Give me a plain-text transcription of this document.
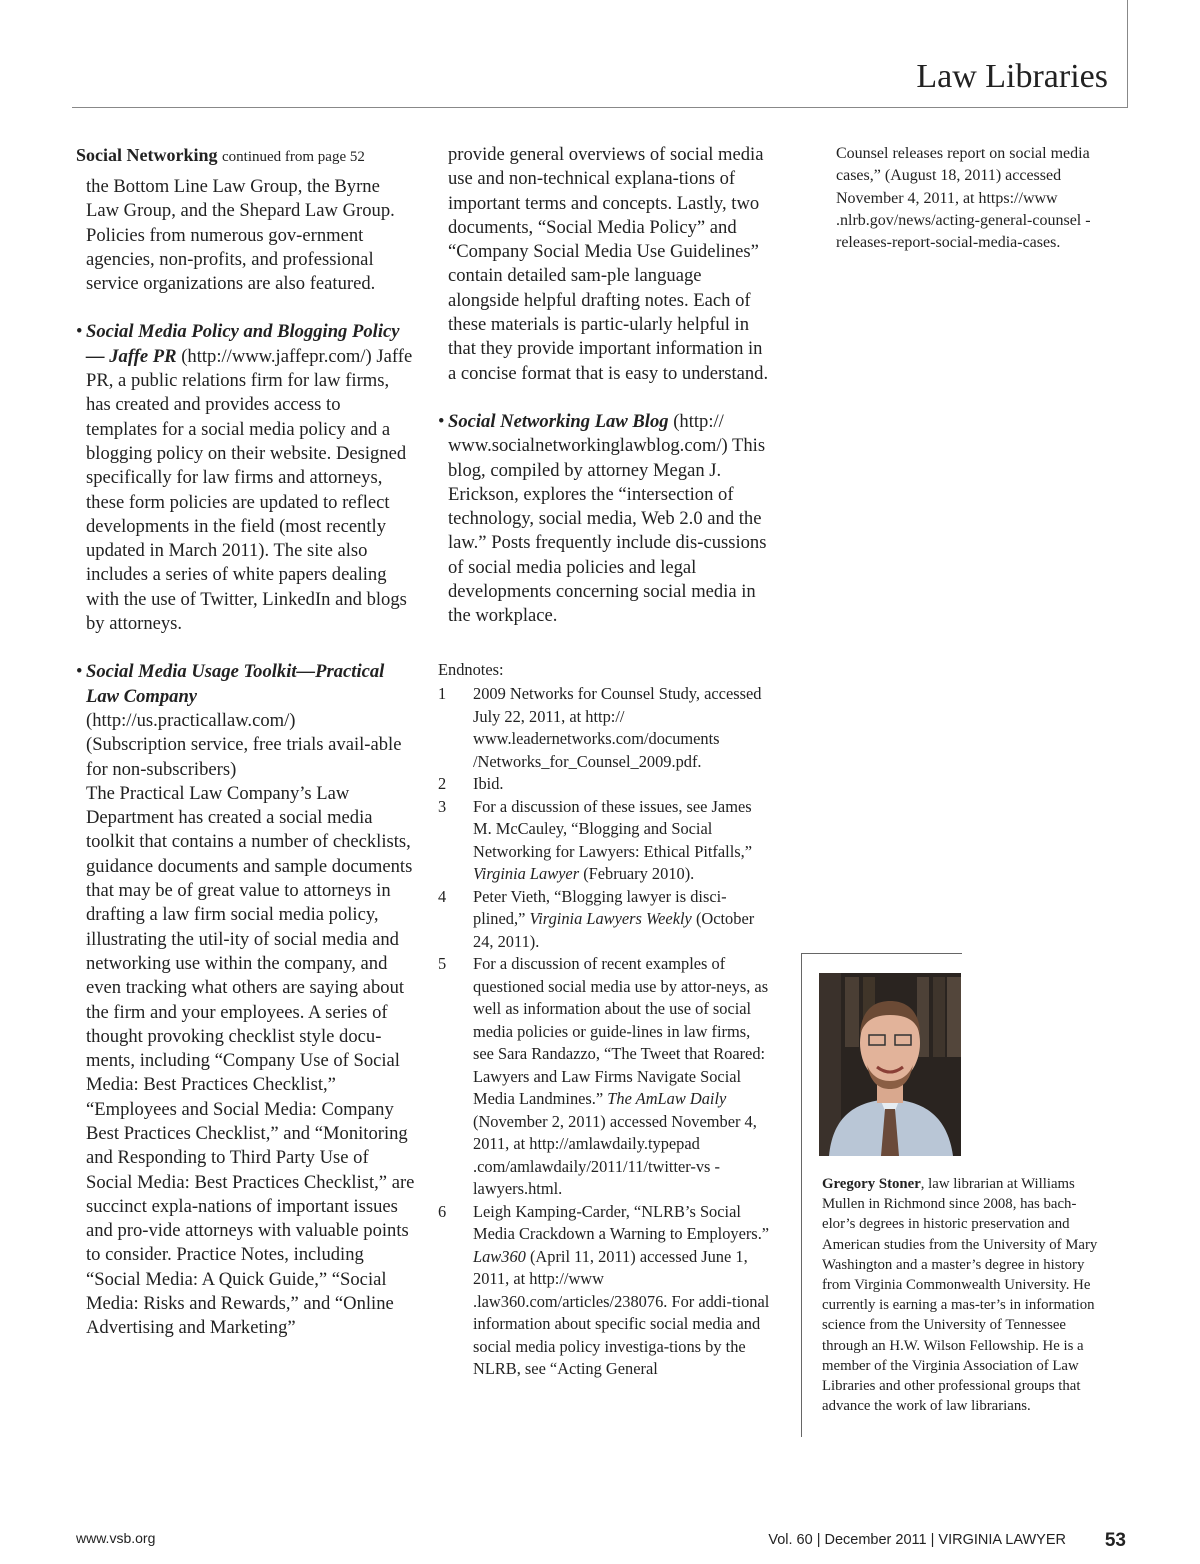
Law Libraries

Social Networking continued from page 52

the Bottom Line Law Group, the Byrne Law Group, and the Shepard Law Group. Policies from numerous gov-ernment agencies, non-profits, and professional service organizations are also featured.

• Social Media Policy and Blogging Policy — Jaffe PR (http://www.jaffepr.com/) Jaffe PR, a public relations firm for law firms, has created and provides access to templates for a social media policy and a blogging policy on their website. Designed specifically for law firms and attorneys, these form policies are updated to reflect developments in the field (most recently updated in March 2011). The site also includes a series of white papers dealing with the use of Twitter, LinkedIn and blogs by attorneys.
• Social Media Usage Toolkit—Practical Law Company
(http://us.practicallaw.com/)
(Subscription service, free trials avail-able for non-subscribers)
The Practical Law Company’s Law Department has created a social media toolkit that contains a number of checklists, guidance documents and sample documents that may be of great value to attorneys in drafting a law firm social media policy, illustrating the util-ity of social media and networking use within the company, and even tracking what others are saying about the firm and your employees. A series of thought provoking checklist style docu-ments, including “Company Use of Social Media: Best Practices Checklist,” “Employees and Social Media: Company Best Practices Checklist,” and “Monitoring and Responding to Third Party Use of Social Media: Best Practices Checklist,” are succinct expla-nations of important issues and pro-vide attorneys with valuable points to consider. Practice Notes, including “Social Media: A Quick Guide,” “Social Media: Risks and Rewards,” and “Online Advertising and Marketing”

provide general overviews of social media use and non-technical explana-tions of important terms and concepts. Lastly, two documents, “Social Media Policy” and “Company Social Media Use Guidelines” contain detailed sam-ple language alongside helpful drafting notes. Each of these materials is partic-ularly helpful in that they provide important information in a concise format that is easy to understand.

• Social Networking Law Blog (http:// www.socialnetworkinglawblog.com/) This blog, compiled by attorney Megan J. Erickson, explores the “intersection of technology, social media, Web 2.0 and the law.” Posts frequently include dis-cussions of social media policies and legal developments concerning social media in the workplace.
Endnotes:
1	2009 Networks for Counsel Study, accessed July 22, 2011, at http:// www.leadernetworks.com/documents /Networks_for_Counsel_2009.pdf.
2	Ibid.
3	For a discussion of these issues, see James M. McCauley, “Blogging and Social Networking for Lawyers: Ethical Pitfalls,” Virginia Lawyer (February 2010).
4	Peter Vieth, “Blogging lawyer is disci-plined,” Virginia Lawyers Weekly (October 24, 2011).
5	For a discussion of recent examples of questioned social media use by attor-neys, as well as information about the use of social media policies or guide-lines in law firms, see Sara Randazzo, “The Tweet that Roared: Lawyers and Law Firms Navigate Social Media Landmines.” The AmLaw Daily (November 2, 2011) accessed November 4, 2011, at http://amlawdaily.typepad .com/amlawdaily/2011/11/twitter-vs -lawyers.html.
6	Leigh Kamping-Carder, “NLRB’s Social Media Crackdown a Warning to Employers.” Law360 (April 11, 2011) accessed June 1, 2011, at http://www .law360.com/articles/238076. For addi-tional information about specific social media and social media policy investiga-tions by the NLRB, see “Acting General

Counsel releases report on social media cases,” (August 18, 2011) accessed November 4, 2011, at https://www .nlrb.gov/news/acting-general-counsel -releases-report-social-media-cases.

Gregory Stoner, law librarian at Williams Mullen in Richmond since 2008, has bach-elor’s degrees in historic preservation and American studies from the University of Mary Washington and a master’s degree in history from Virginia Commonwealth University. He currently is earning a mas-ter’s in information science from the University of Tennessee through an H.W. Wilson Fellowship. He is a member of the Virginia Association of Law Libraries and other professional groups that advance the work of law librarians.
www.vsb.org	Vol. 60 | December 2011 | VIRGINIA LAWYER 53
